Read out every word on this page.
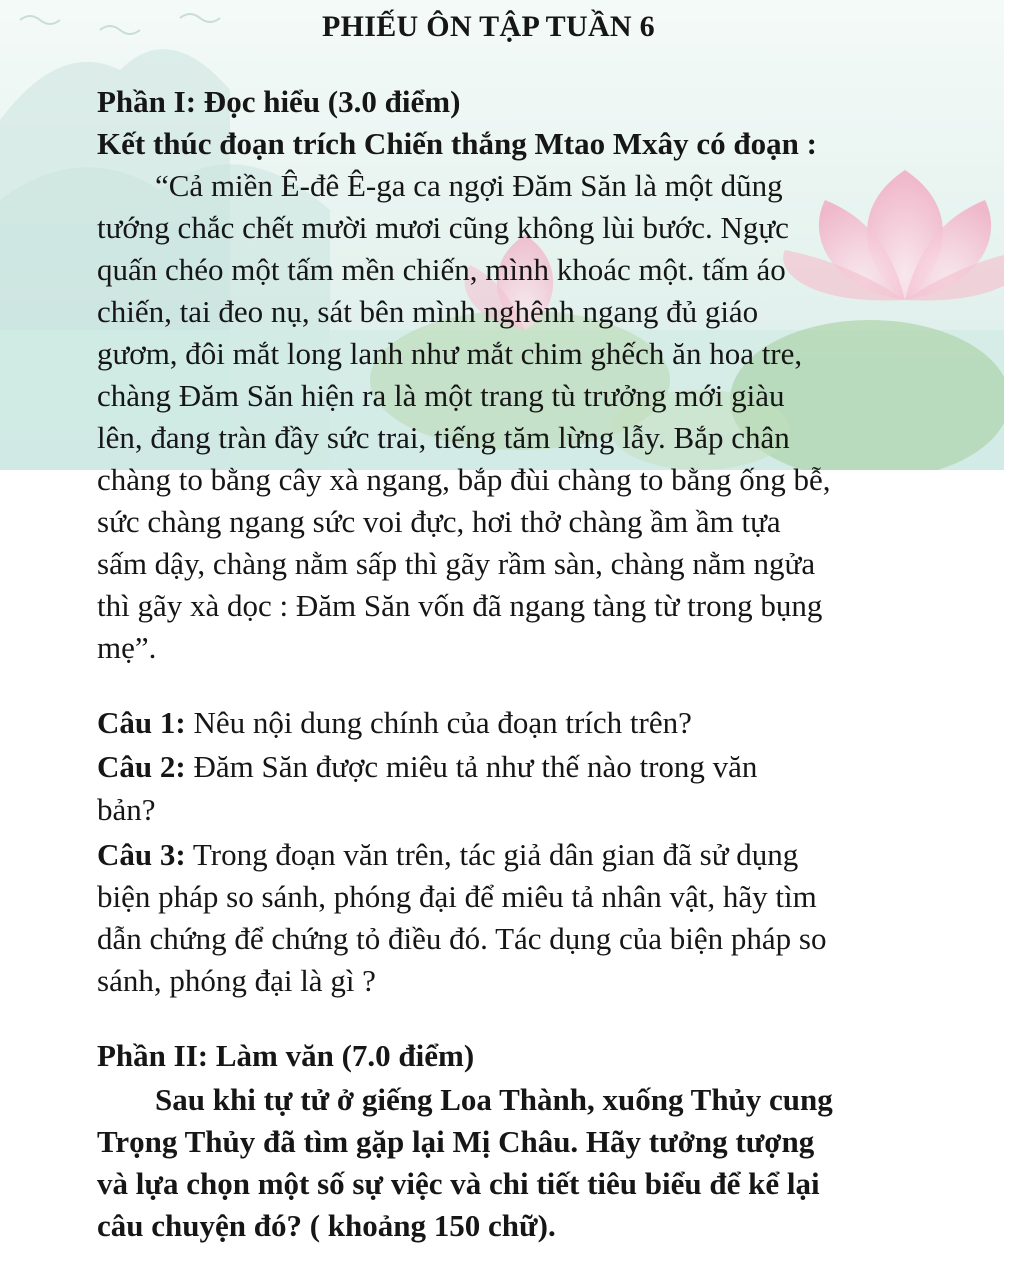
PHIẾU ÔN TẬP TUẦN 6
Phần I: Đọc hiểu (3.0 điểm)
Kết thúc đoạn trích Chiến thắng Mtao Mxây có đoạn :
“Cả miền Ê-đê Ê-ga ca ngợi Đăm Săn là một dũng
tướng chắc chết mười mươi cũng không lùi bước. Ngực
quấn chéo một tấm mền chiến, mình khoác một. tấm áo
chiến, tai đeo nụ, sát bên mình nghênh ngang đủ giáo
gươm, đôi mắt long lanh như mắt chim ghếch ăn hoa tre,
chàng Đăm Săn hiện ra là một trang tù trưởng mới giàu
lên, đang tràn đầy sức trai, tiếng tăm lừng lẫy. Bắp chân
chàng to bằng cây xà ngang, bắp đùi chàng to bằng ống bễ,
sức chàng ngang sức voi đực, hơi thở chàng ầm ầm tựa
sấm dậy, chàng nằm sấp thì gãy rầm sàn, chàng nằm ngửa
thì gãy xà dọc : Đăm Săn vốn đã ngang tàng từ trong bụng
mẹ”.
Câu 1: Nêu nội dung chính của đoạn trích trên?
Câu 2: Đăm Săn được miêu tả như thế nào trong văn
bản?
Câu 3: Trong đoạn văn trên, tác giả dân gian đã sử dụng
biện pháp so sánh, phóng đại để miêu tả nhân vật, hãy tìm
dẫn chứng để chứng tỏ điều đó. Tác dụng của biện pháp so
sánh, phóng đại là gì ?
Phần II: Làm văn (7.0 điểm)
Sau khi tự tử ở giếng Loa Thành, xuống Thủy cung
Trọng Thủy đã tìm gặp lại Mị Châu. Hãy tưởng tượng
và lựa chọn một số sự việc và chi tiết tiêu biểu để kể lại
câu chuyện đó? ( khoảng 150 chữ).
